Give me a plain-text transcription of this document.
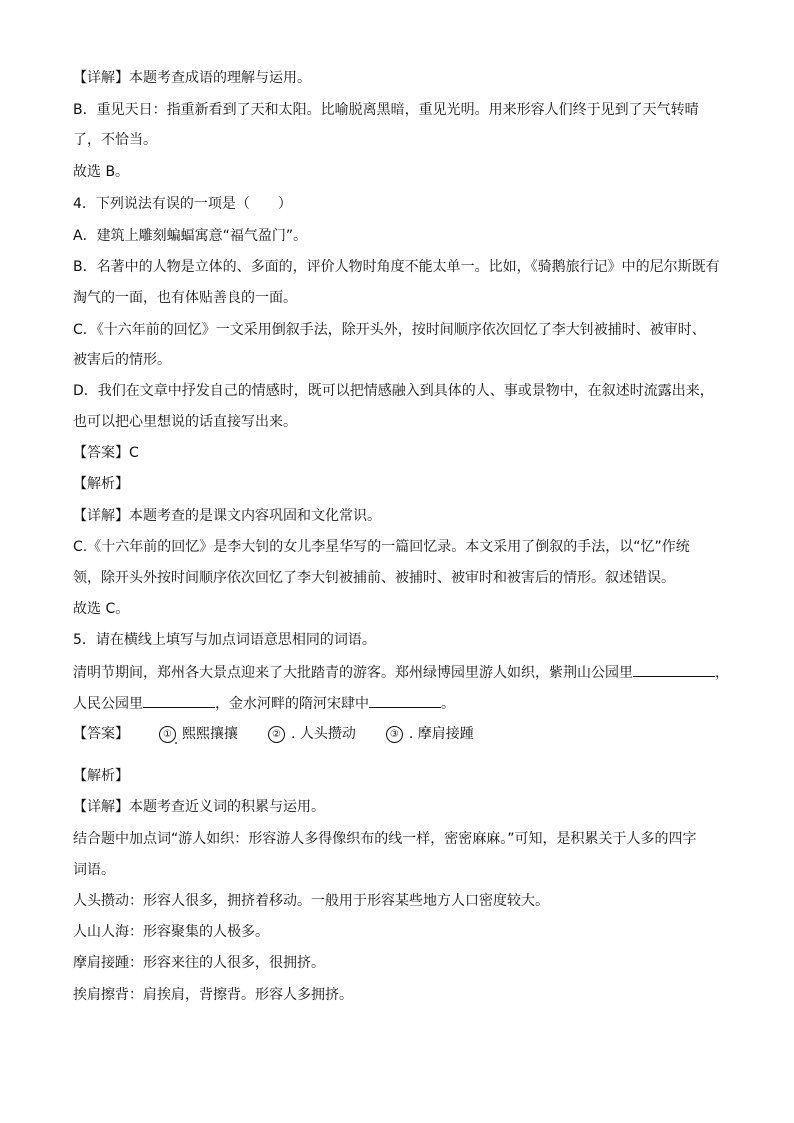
【详解】本题考查成语的理解与运用。
B．重见天日：指重新看到了天和太阳。比喻脱离黑暗，重见光明。用来形容人们终于见到了天气转晴
了，不恰当。
故选 B。
4．下列说法有误的一项是（　　）
A．建筑上雕刻蝙蝠寓意“福气盈门”。
B．名著中的人物是立体的、多面的，评价人物时角度不能太单一。比如，《骑鹅旅行记》中的尼尔斯既有
淘气的一面，也有体贴善良的一面。
C．《十六年前的回忆》一文采用倒叙手法，除开头外，按时间顺序依次回忆了李大钊被捕时、被审时、
被害后的情形。
D．我们在文章中抒发自己的情感时，既可以把情感融入到具体的人、事或景物中，在叙述时流露出来，
也可以把心里想说的话直接写出来。
【答案】C
【解析】
【详解】本题考查的是课文内容巩固和文化常识。
C.《十六年前的回忆》是李大钊的女儿李星华写的一篇回忆录。本文采用了倒叙的手法，以“忆”作统
领，除开头外按时间顺序依次回忆了李大钊被捕前、被捕时、被审时和被害后的情形。叙述错误。
故选 C。
5．请在横线上填写与加点词语意思相同的词语。
清明节期间，郑州各大景点迎来了大批踏青的游客。郑州绿博园里游人如织，紫荆山公园里	，
人民公园里	，金水河畔的隋河宋肆中	。
【答案】	① 熙熙攘攘	② . 人头攒动	③ . 摩肩接踵
【解析】
【详解】本题考查近义词的积累与运用。
结合题中加点词“游人如织：形容游人多得像织布的线一样，密密麻麻。”可知，是积累关于人多的四字
词语。
人头攒动：形容人很多，拥挤着移动。一般用于形容某些地方人口密度较大。
人山人海：形容聚集的人极多。
摩肩接踵：形容来往的人很多，很拥挤。
挨肩擦背：肩挨肩，背擦背。形容人多拥挤。
